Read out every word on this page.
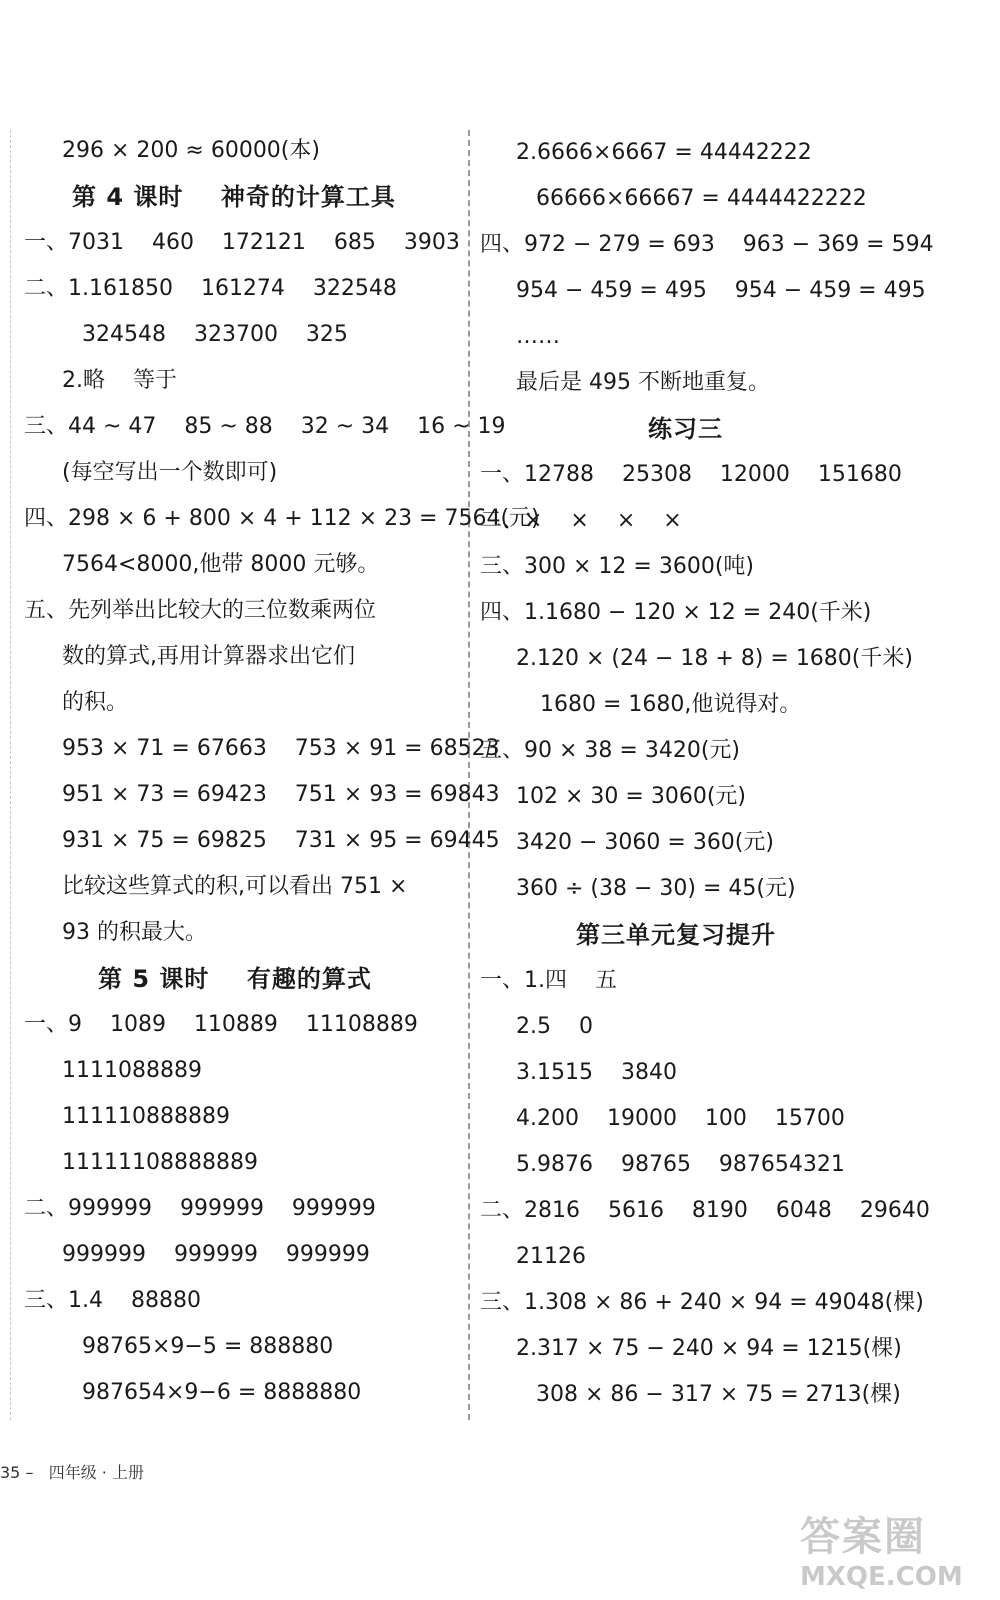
296 × 200 ≈ 60000(本)
第 4 课时    神奇的计算工具
一、7031    460    172121    685    3903
二、1.161850    161274    322548
324548    323700    325
2.略    等于
三、44 ~ 47    85 ~ 88    32 ~ 34    16 ~ 19
(每空写出一个数即可)
四、298 × 6 + 800 × 4 + 112 × 23 = 7564(元)
7564<8000,他带 8000 元够。
五、先列举出比较大的三位数乘两位
数的算式,再用计算器求出它们
的积。
953 × 71 = 67663    753 × 91 = 68523
951 × 73 = 69423    751 × 93 = 69843
931 × 75 = 69825    731 × 95 = 69445
比较这些算式的积,可以看出 751 ×
93 的积最大。
第 5 课时    有趣的算式
一、9    1089    110889    11108889
1111088889
111110888889
11111108888889
二、999999    999999    999999
999999    999999    999999
三、1.4    88880
98765×9−5 = 888880
987654×9−6 = 8888880
2.6666×6667 = 44442222
66666×66667 = 4444422222
四、972 − 279 = 693    963 − 369 = 594
954 − 459 = 495    954 − 459 = 495
……
最后是 495 不断地重复。
练习三
一、12788    25308    12000    151680
二、×    ×    ×    ×
三、300 × 12 = 3600(吨)
四、1.1680 − 120 × 12 = 240(千米)
2.120 × (24 − 18 + 8) = 1680(千米)
1680 = 1680,他说得对。
五、90 × 38 = 3420(元)
102 × 30 = 3060(元)
3420 − 3060 = 360(元)
360 ÷ (38 − 30) = 45(元)
第三单元复习提升
一、1.四    五
2.5    0
3.1515    3840
4.200    19000    100    15700
5.9876    98765    987654321
二、2816    5616    8190    6048    29640
21126
三、1.308 × 86 + 240 × 94 = 49048(棵)
2.317 × 75 − 240 × 94 = 1215(棵)
308 × 86 − 317 × 75 = 2713(棵)
35 – 四年级 · 上册
答案圈
MXQE.COM
